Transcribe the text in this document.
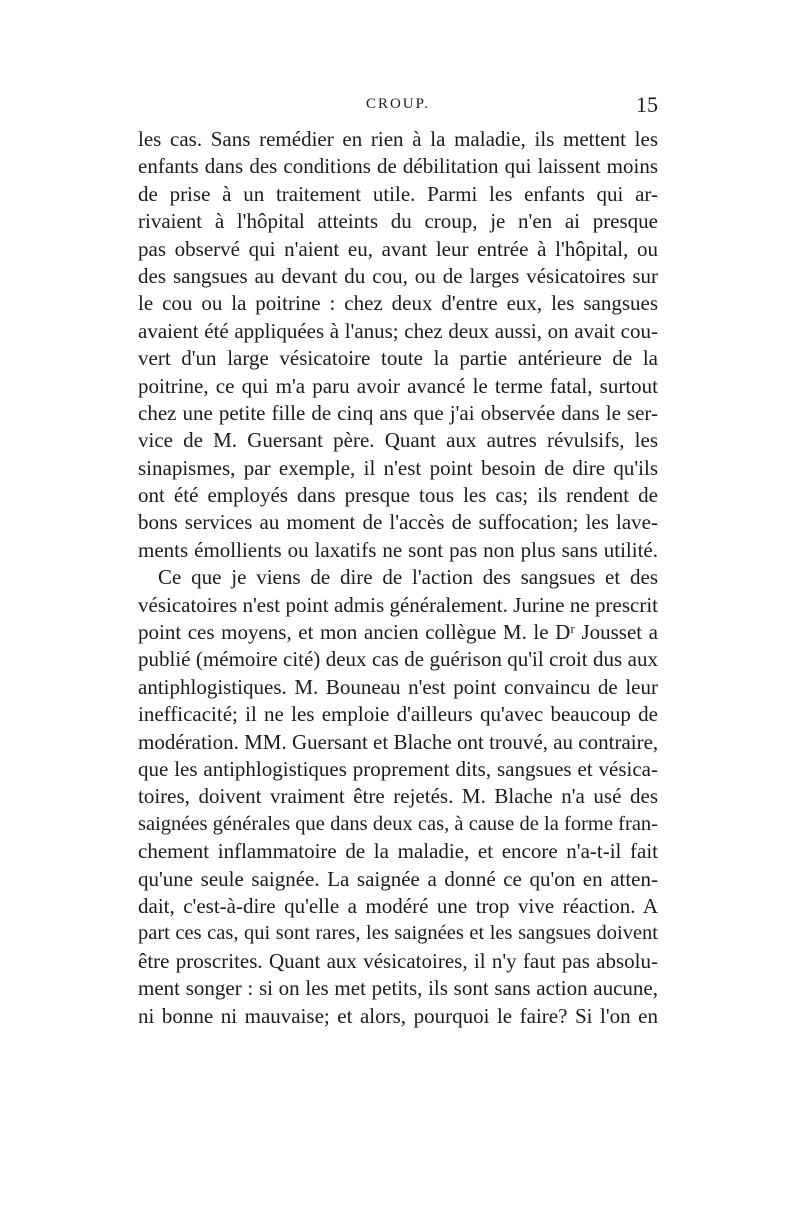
CROUP.	15
les cas. Sans remédier en rien à la maladie, ils mettent les
enfants dans des conditions de débilitation qui laissent moins
de prise à un traitement utile. Parmi les enfants qui ar-
rivaient à l'hôpital atteints du croup, je n'en ai presque
pas observé qui n'aient eu, avant leur entrée à l'hôpital, ou
des sangsues au devant du cou, ou de larges vésicatoires sur
le cou ou la poitrine : chez deux d'entre eux, les sangsues
avaient été appliquées à l'anus; chez deux aussi, on avait cou-
vert d'un large vésicatoire toute la partie antérieure de la
poitrine, ce qui m'a paru avoir avancé le terme fatal, surtout
chez une petite fille de cinq ans que j'ai observée dans le ser-
vice de M. Guersant père. Quant aux autres révulsifs, les
sinapismes, par exemple, il n'est point besoin de dire qu'ils
ont été employés dans presque tous les cas; ils rendent de
bons services au moment de l'accès de suffocation; les lave-
ments émollients ou laxatifs ne sont pas non plus sans utilité.
Ce que je viens de dire de l'action des sangsues et des
vésicatoires n'est point admis généralement. Jurine ne prescrit
point ces moyens, et mon ancien collègue M. le Dʳ Jousset a
publié (mémoire cité) deux cas de guérison qu'il croit dus aux
antiphlogistiques. M. Bouneau n'est point convaincu de leur
inefficacité; il ne les emploie d'ailleurs qu'avec beaucoup de
modération. MM. Guersant et Blache ont trouvé, au contraire,
que les antiphlogistiques proprement dits, sangsues et vésica-
toires, doivent vraiment être rejetés. M. Blache n'a usé des
saignées générales que dans deux cas, à cause de la forme fran-
chement inflammatoire de la maladie, et encore n'a-t-il fait
qu'une seule saignée. La saignée a donné ce qu'on en atten-
dait, c'est-à-dire qu'elle a modéré une trop vive réaction. A
part ces cas, qui sont rares, les saignées et les sangsues doivent
être proscrites. Quant aux vésicatoires, il n'y faut pas absolu-
ment songer : si on les met petits, ils sont sans action aucune,
ni bonne ni mauvaise; et alors, pourquoi le faire? Si l'on en
